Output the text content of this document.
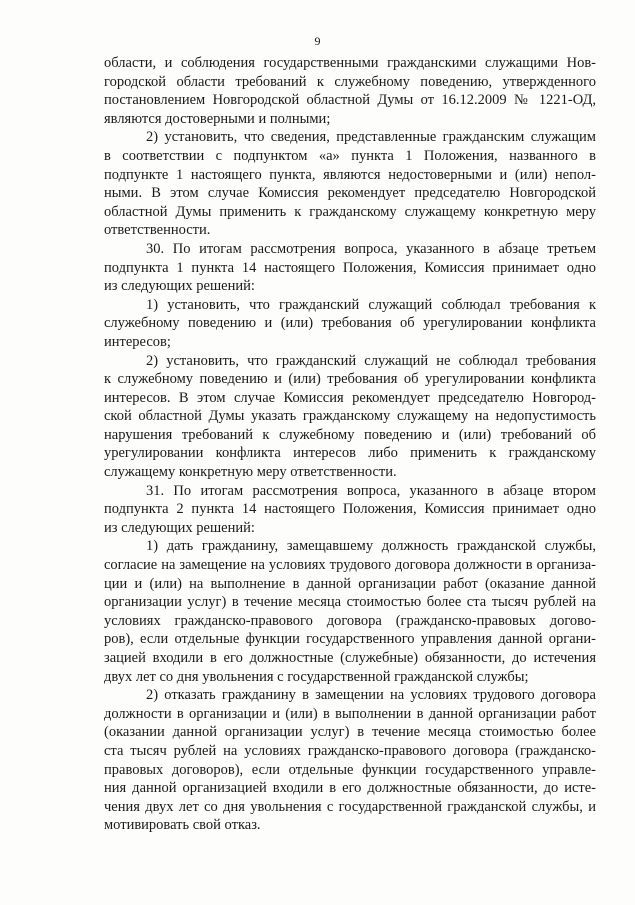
9
области, и соблюдения государственными гражданскими служащими Нов-
городской области требований к служебному поведению, утвержденного
постановлением Новгородской областной Думы от 16.12.2009 № 1221-ОД,
являются достоверными и полными;
2) установить, что сведения, представленные гражданским служащим
в соответствии с подпунктом «а» пункта 1 Положения, названного в
подпункте 1 настоящего пункта, являются недостоверными и (или) непол-
ными. В этом случае Комиссия рекомендует председателю Новгородской
областной Думы применить к гражданскому служащему конкретную меру
ответственности.
30. По итогам рассмотрения вопроса, указанного в абзаце третьем
подпункта 1 пункта 14 настоящего Положения, Комиссия принимает одно
из следующих решений:
1) установить, что гражданский служащий соблюдал требования к
служебному поведению и (или) требования об урегулировании конфликта
интересов;
2) установить, что гражданский служащий не соблюдал требования
к служебному поведению и (или) требования об урегулировании конфликта
интересов. В этом случае Комиссия рекомендует председателю Новгород-
ской областной Думы указать гражданскому служащему на недопустимость
нарушения требований к служебному поведению и (или) требований об
урегулировании конфликта интересов либо применить к гражданскому
служащему конкретную меру ответственности.
31. По итогам рассмотрения вопроса, указанного в абзаце втором
подпункта 2 пункта 14 настоящего Положения, Комиссия принимает одно
из следующих решений:
1) дать гражданину, замещавшему должность гражданской службы,
согласие на замещение на условиях трудового договора должности в организа-
ции и (или) на выполнение в данной организации работ (оказание данной
организации услуг) в течение месяца стоимостью более ста тысяч рублей на
условиях гражданско-правового договора (гражданско-правовых догово-
ров), если отдельные функции государственного управления данной органи-
зацией входили в его должностные (служебные) обязанности, до истечения
двух лет со дня увольнения с государственной гражданской службы;
2) отказать гражданину в замещении на условиях трудового договора
должности в организации и (или) в выполнении в данной организации работ
(оказании данной организации услуг) в течение месяца стоимостью более
ста тысяч рублей на условиях гражданско-правового договора (гражданско-
правовых договоров), если отдельные функции государственного управле-
ния данной организацией входили в его должностные обязанности, до исте-
чения двух лет со дня увольнения с государственной гражданской службы, и
мотивировать свой отказ.
